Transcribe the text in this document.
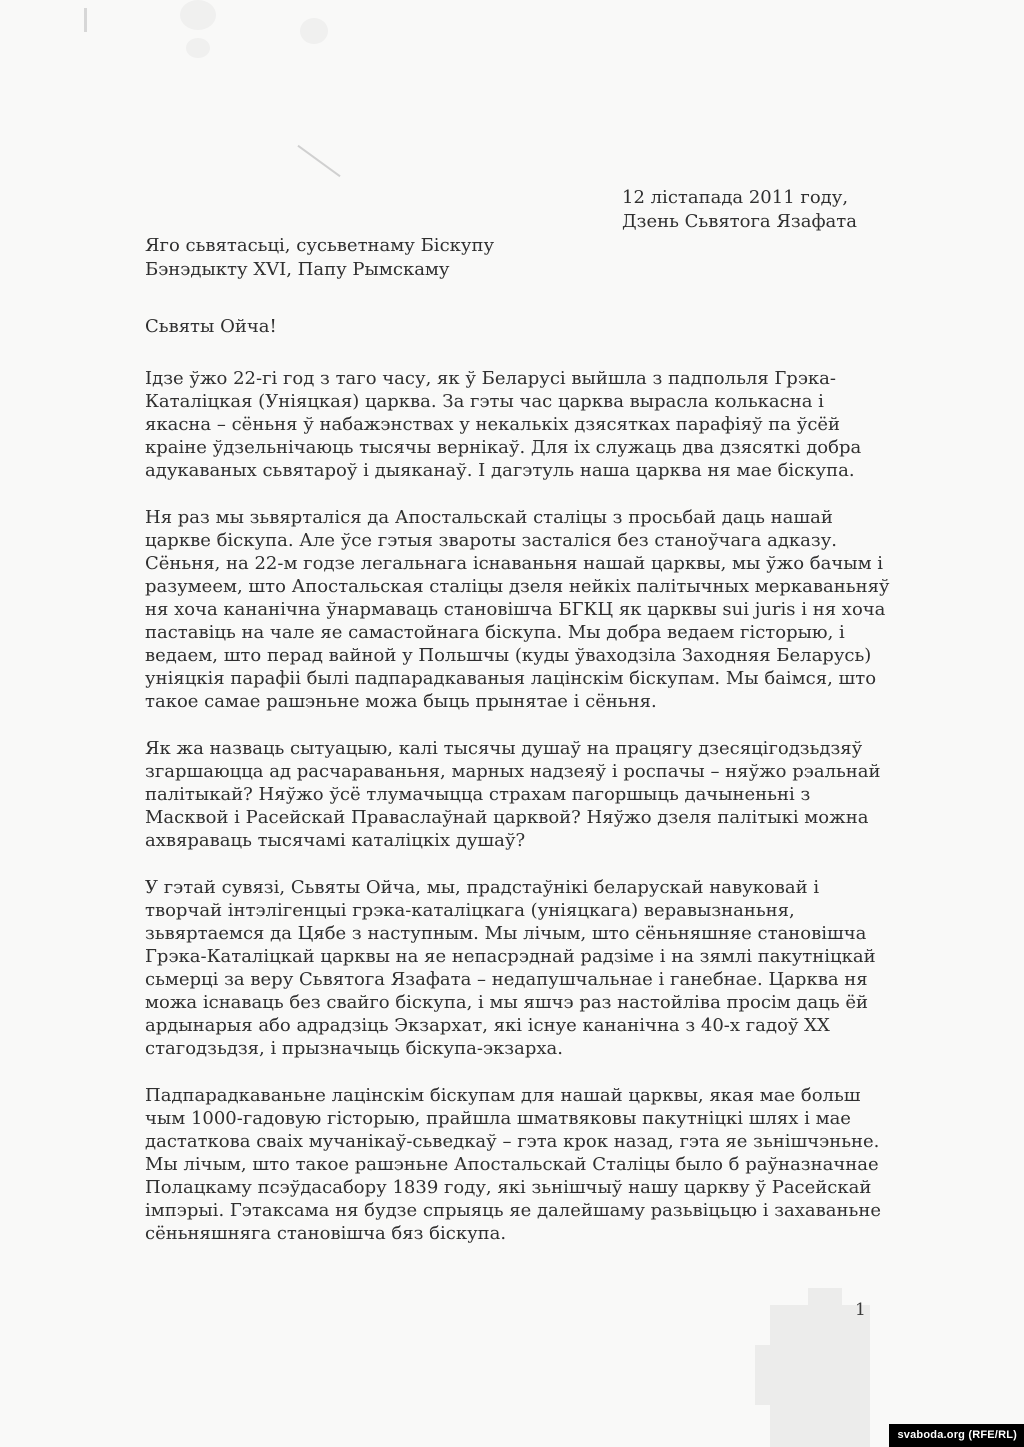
12 лістапада 2011 году,
Дзень Сьвятога Язафата
Яго сьвятасьці, сусьветнаму Біскупу
Бэнэдыкту XVI, Папу Рымскаму
Сьвяты Ойча!

Ідзе ўжо 22-гі год з таго часу, як ў Беларусі выйшла з падпольля Грэка-Каталіцкая (Уніяцкая) царква. За гэты час царква вырасла колькасна і якасна – сёньня ў набажэнствах у некалькіх дзясятках парафіяў па ўсёй краіне ўдзельнічаюць тысячы вернікаў. Для іх служаць два дзясяткі добра адукаваных сьвятароў і дыяканаў. І дагэтуль наша царква ня мае біскупа.

Ня раз мы зьвярталіся да Апостальскай сталіцы з просьбай даць нашай царкве біскупа. Але ўсе гэтыя звароты засталіся без станоўчага адказу. Сёньня, на 22-м годзе легальнага існаваньня нашай царквы, мы ўжо бачым і разумеем, што Апостальская сталіцы дзеля нейкіх палітычных меркаваньняў ня хоча кананічна ўнармаваць становішча БГКЦ як царквы sui juris і ня хоча паставіць на чале яе самастойнага біскупа. Мы добра ведаем гісторыю, і ведаем, што перад вайной у Польшчы (куды ўваходзіла Заходняя Беларусь) уніяцкія парафіі былі падпарадкаваныя лацінскім біскупам. Мы баімся, што такое самае рашэньне можа быць прынятае і сёньня.

Як жа назваць сытуацыю, калі тысячы душаў на працягу дзесяцігодзьдзяў згаршаюцца ад расчараваньня, марных надзеяў і роспачы – няўжо рэальнай палітыкай? Няўжо ўсё тлумачыцца страхам пагоршыць дачыненьні з Масквой і Расейскай Праваслаўнай царквой? Няўжо дзеля палітыкі можна ахвяраваць тысячамі каталіцкіх душаў?

У гэтай сувязі, Сьвяты Ойча, мы, прадстаўнікі беларускай навуковай і творчай інтэлігенцыі грэка-каталіцкага (уніяцкага) веравызнаньня, зьвяртаемся да Цябе з наступным. Мы лічым, што сёньняшняе становішча Грэка-Каталіцкай царквы на яе непасрэднай радзіме і на зямлі пакутніцкай сьмерці за веру Сьвятога Язафата – недапушчальнае і ганебнае. Царква ня можа існаваць без свайго біскупа, і мы яшчэ раз настойліва просім даць ёй ардынарыя або адрадзіць Экзархат, які існуе кананічна з 40-х гадоў XX стагодзьдзя, і прызначыць біскупа-экзарха.

Падпарадкаваньне лацінскім біскупам для нашай царквы, якая мае больш чым 1000-гадовую гісторыю, прайшла шматвяковы пакутніцкі шлях і мае дастаткова сваіх мучанікаў-сьведкаў – гэта крок назад, гэта яе зьнішчэньне. Мы лічым, што такое рашэньне Апостальскай Сталіцы было б раўназначнае Полацкаму псэўдасабору 1839 году, які зьнішчыў нашу царкву ў Расейскай імпэрыі. Гэтаксама ня будзе спрыяць яе далейшаму разьвіцьцю і захаваньне сёньняшняга становішча бяз біскупа.

1
svaboda.org (RFE/RL)
